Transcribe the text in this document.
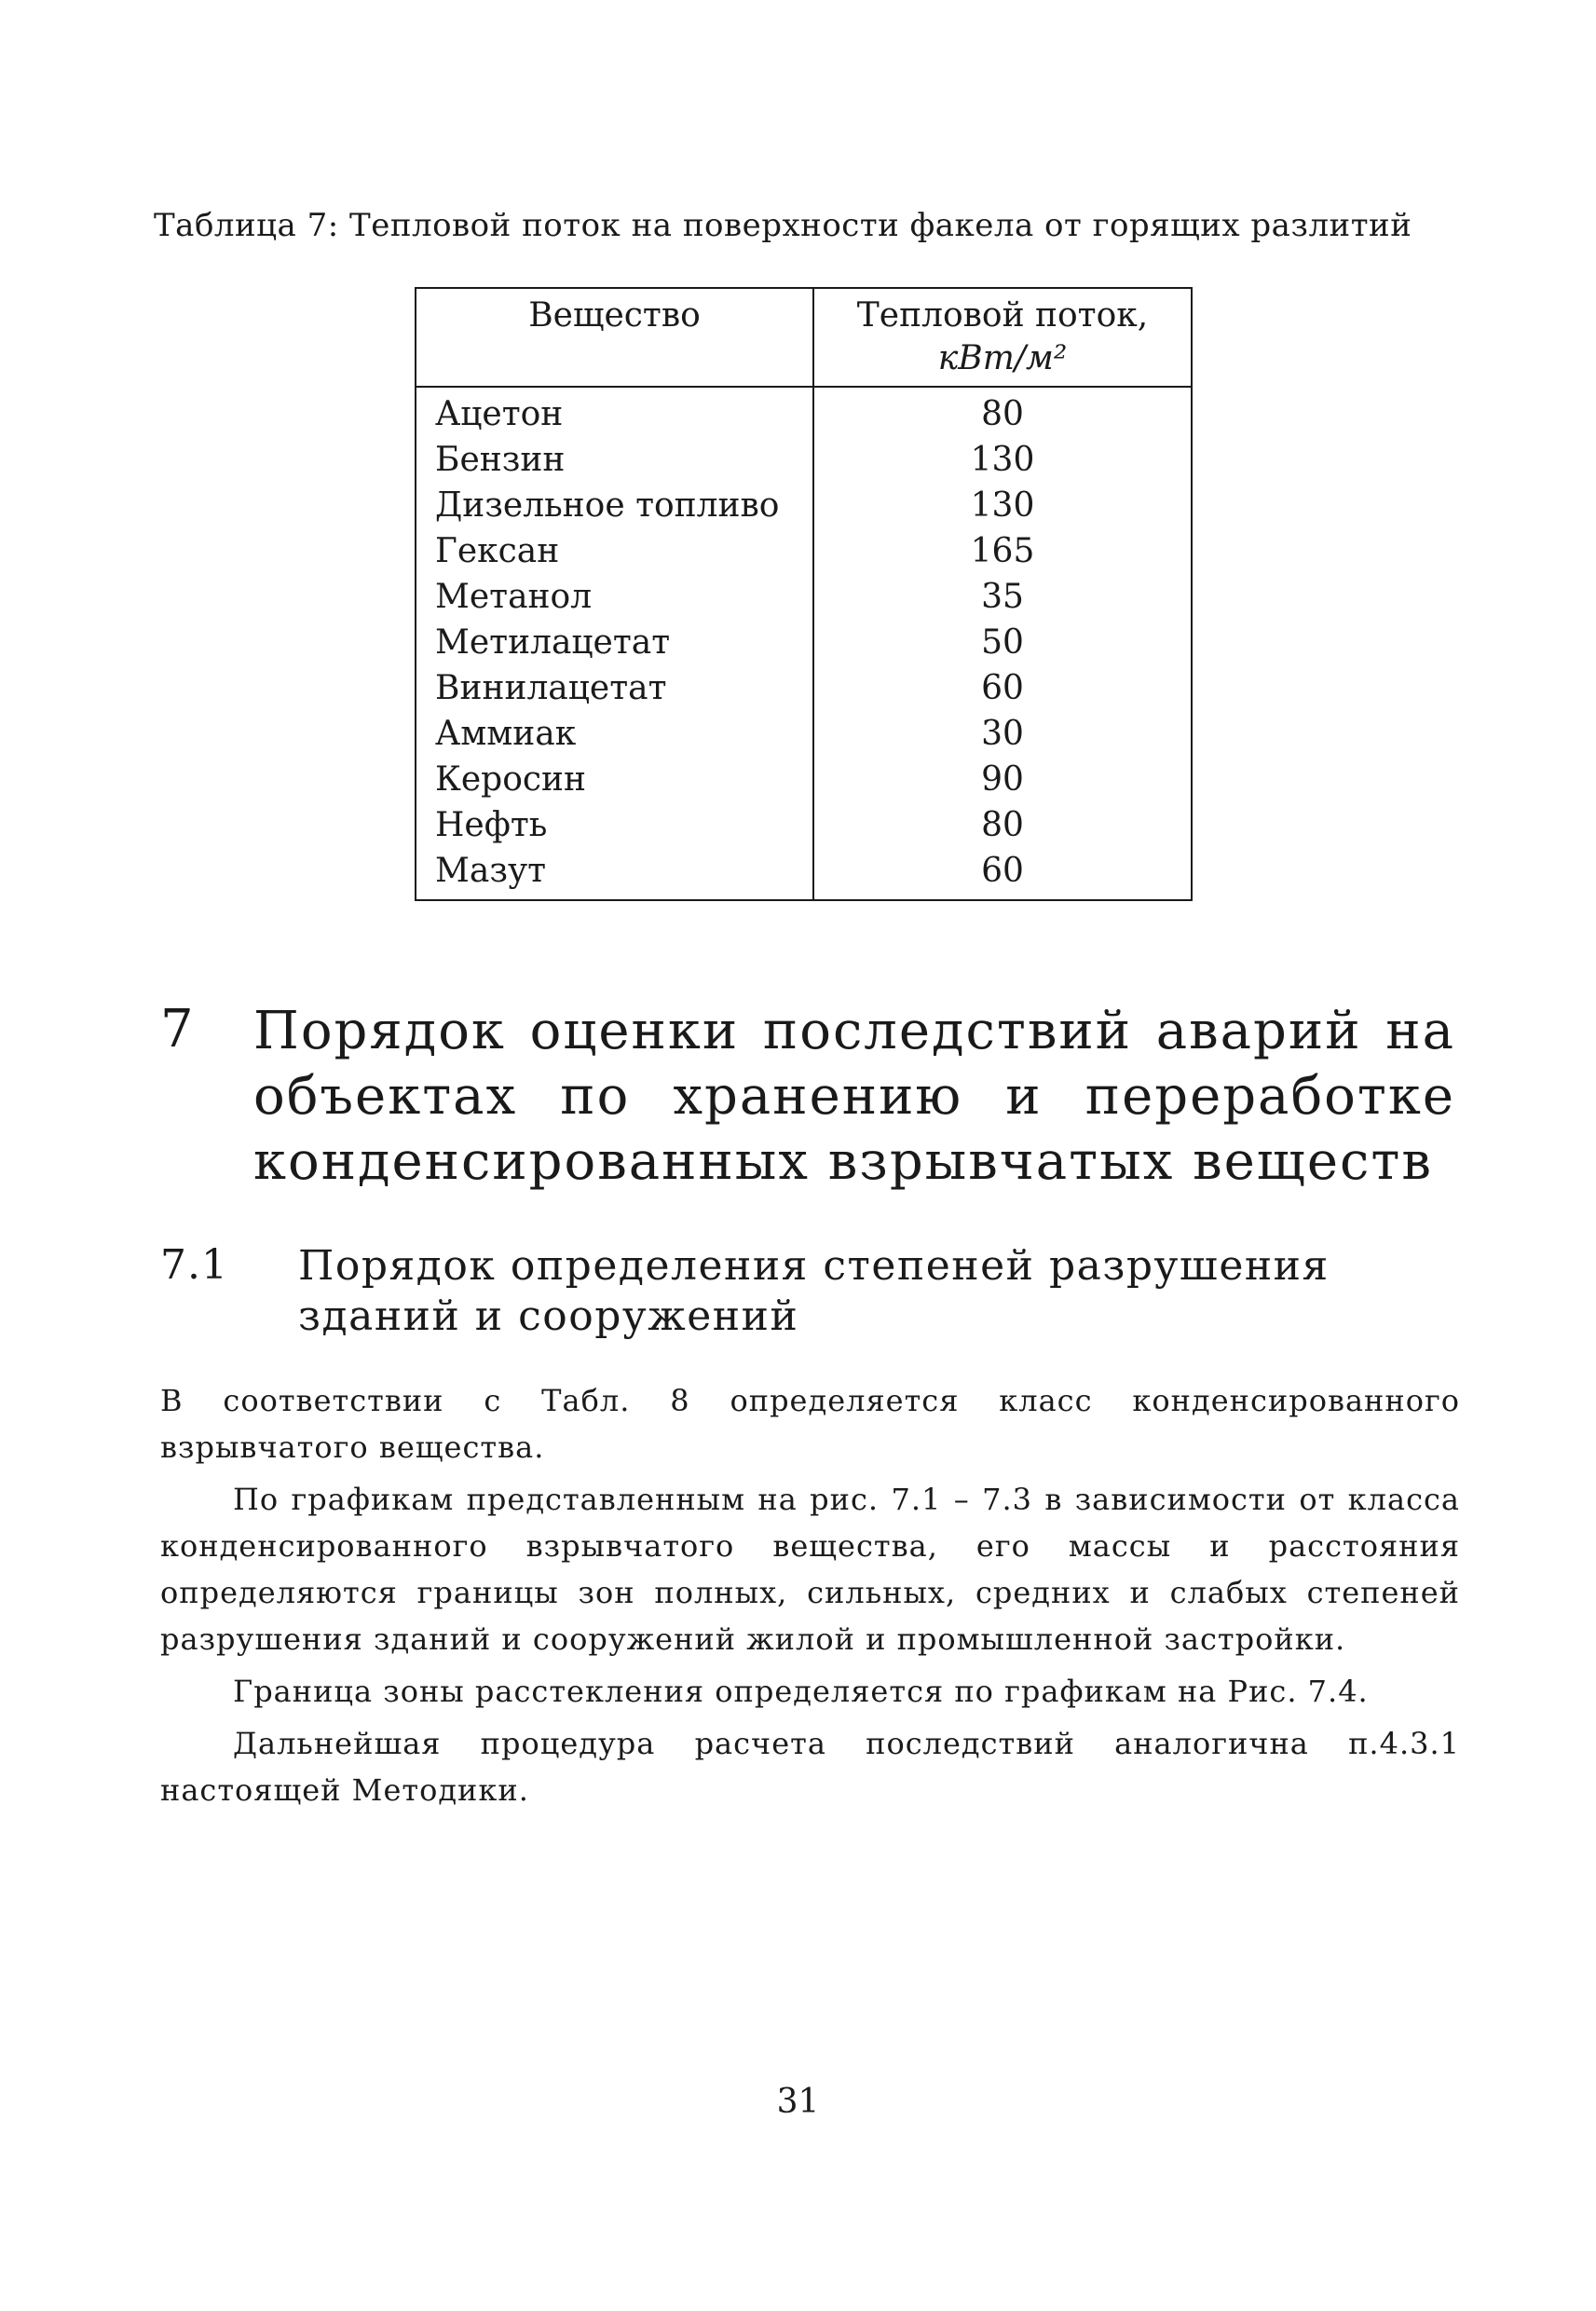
Таблица 7: Тепловой поток на поверхности факела от горящих разлитий
Вещество	Тепловой поток,
кВт/м²

Ацетон	80
Бензин	130
Дизельное топливо	130
Гексан	165
Метанол	35
Метилацетат	50
Винилацетат	60
Аммиак	30
Керосин	90
Нефть	80
Мазут	60
7 Порядок оценки последствий аварий на объектах по хранению и переработке конденсированных взрывчатых веществ
7.1 Порядок определения степеней разрушения зданий и сооружений

В соответствии с Табл. 8 определяется класс конденсированного взрывчатого вещества.

По графикам представленным на рис. 7.1 – 7.3 в зависимости от класса конденсированного взрывчатого вещества, его массы и расстояния определяются границы зон полных, сильных, средних и слабых степеней разрушения зданий и сооружений жилой и промышленной застройки.

Граница зоны расстекления определяется по графикам на Рис. 7.4.

Дальнейшая процедура расчета последствий аналогична п.4.3.1 настоящей Методики.

31
